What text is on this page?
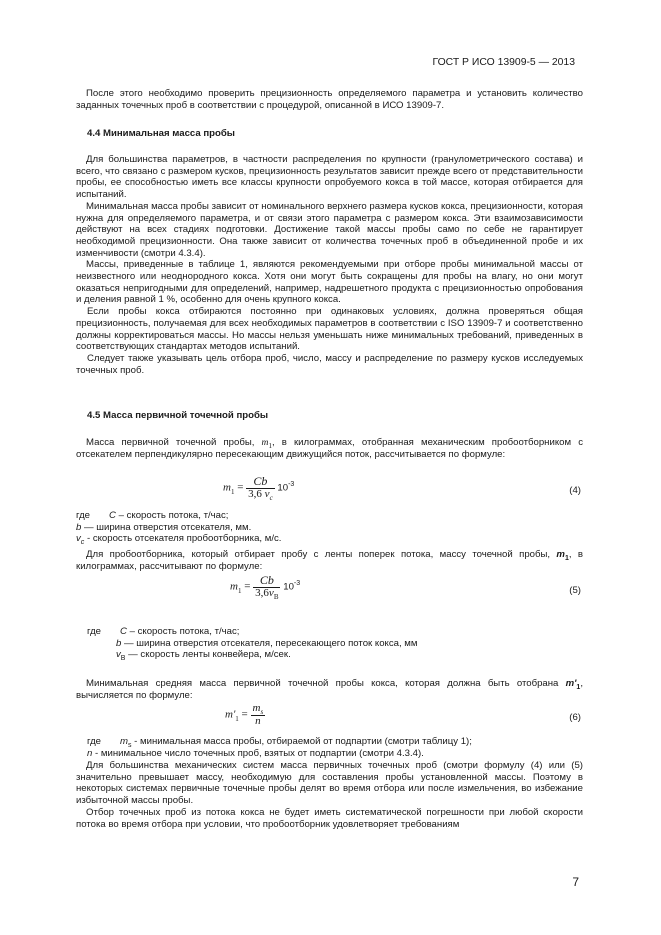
ГОСТ Р ИСО 13909-5 — 2013

После этого необходимо проверить прецизионность определяемого параметра и установить количество заданных точечных проб в соответствии с процедурой, описанной в ИСО 13909-7.

4.4 Минимальная масса пробы

Для большинства параметров, в частности распределения по крупности (гранулометрического состава) и всего, что связано с размером кусков, прецизионность результатов зависит прежде всего от представительности пробы, ее способностью иметь все классы крупности опробуемого кокса в той массе, которая отбирается для испытаний.

Минимальная масса пробы зависит от номинального верхнего размера кусков кокса, прецизионности, которая нужна для определяемого параметра, и от связи этого параметра с размером кокса. Эти взаимозависимости действуют на всех стадиях подготовки. Достижение такой массы пробы само по себе не гарантирует необходимой прецизионности. Она также зависит от количества точечных проб в объединенной пробе и их изменчивости (смотри 4.3.4).

Массы, приведенные в таблице 1, являются рекомендуемыми при отборе пробы минимальной массы от неизвестного или неоднородного кокса. Хотя они могут быть сокращены для пробы на влагу, но они могут оказаться непригодными для определений, например, надрешетного продукта с прецизионностью опробования и деления равной 1 %, особенно для очень крупного кокса.

Если пробы кокса отбираются постоянно при одинаковых условиях, должна проверяться общая прецизионность, получаемая для всех необходимых параметров в соответствии с ISO 13909-7 и соответственно должны корректироваться массы. Но массы нельзя уменьшать ниже минимальных требований, приведенных в соответствующих стандартах методов испытаний.

Следует также указывать цель отбора проб, число, массу и распределение по размеру кусков исследуемых точечных проб.

4.5 Масса первичной точечной пробы

Масса первичной точечной пробы, $m_1$, в килограммах, отобранная механическим пробоотборником с отсекателем перпендикулярно пересекающим движущийся поток, рассчитывается по формуле:

$m_1 = \frac{Cb}{3,6 v_c} 10^{-3}$
(4)
где C – скорость потока, т/час;
b — ширина отверстия отсекателя, мм.
$v_c$ - скорость отсекателя пробоотборника, м/с.

Для пробоотборника, который отбирает пробу с ленты поперек потока, массу точечной пробы, $m_1$, в килограммах, рассчитывают по формуле:

$m_1 = \frac{Cb}{3,6v_B} 10^{-3}$
(5)
где C – скорость потока, т/час;
b — ширина отверстия отсекателя, пересекающего поток кокса, мм
$v_B$ — скорость ленты конвейера, м/сек.

Минимальная средняя масса первичной точечной пробы кокса, которая должна быть отобрана $m'_1$, вычисляется по формуле:

$m'_1 = \frac{m_s}{n}$	(6)
где $m_s$ - минимальная масса пробы, отбираемой от подпартии (смотри таблицу 1);
n - минимальное число точечных проб, взятых от подпартии (смотри 4.3.4).

Для большинства механических систем масса первичных точечных проб (смотри формулу (4) или (5) значительно превышает массу, необходимую для составления пробы установленной массы. Поэтому в некоторых системах первичные точечные пробы делят во время отбора или после измельчения, во избежание избыточной массы пробы.

Отбор точечных проб из потока кокса не будет иметь систематической погрешности при любой скорости потока во время отбора при условии, что пробоотборник удовлетворяет требованиям

7
